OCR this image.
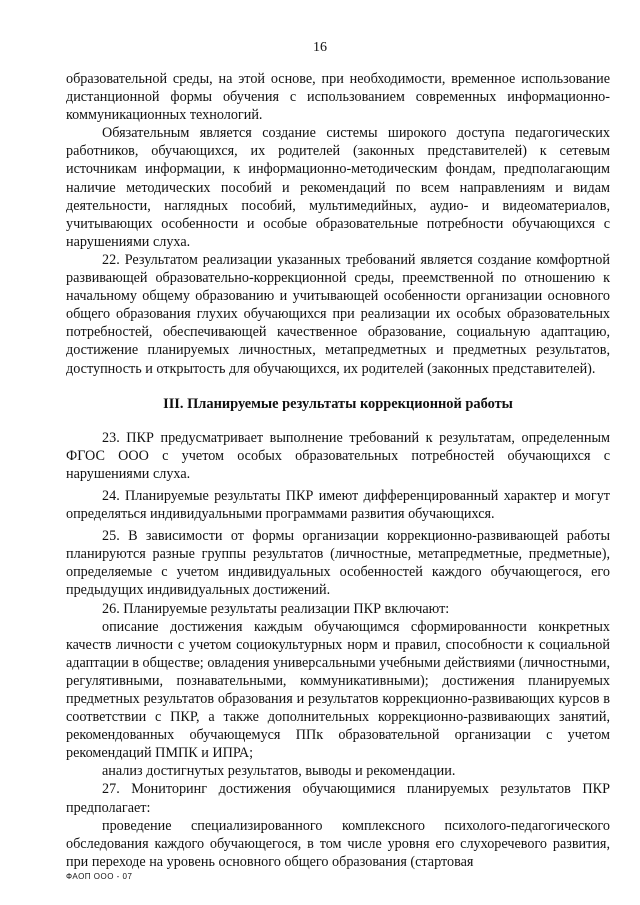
16

образовательной среды, на этой основе, при необходимости, временное использование дистанционной формы обучения с использованием современных информационно-коммуникационных технологий.

Обязательным является создание системы широкого доступа педагогических работников, обучающихся, их родителей (законных представителей) к сетевым источникам информации, к информационно-методическим фондам, предполагающим наличие методических пособий и рекомендаций по всем направлениям и видам деятельности, наглядных пособий, мультимедийных, аудио- и видеоматериалов, учитывающих особенности и особые образовательные потребности обучающихся с нарушениями слуха.

22. Результатом реализации указанных требований является создание комфортной развивающей образовательно-коррекционной среды, преемственной по отношению к начальному общему образованию и учитывающей особенности организации основного общего образования глухих обучающихся при реализации их особых образовательных потребностей, обеспечивающей качественное образование, социальную адаптацию, достижение планируемых личностных, метапредметных и предметных результатов, доступность и открытость для обучающихся, их родителей (законных представителей).

III. Планируемые результаты коррекционной работы

23. ПКР предусматривает выполнение требований к результатам, определенным ФГОС ООО с учетом особых образовательных потребностей обучающихся с нарушениями слуха.

24. Планируемые результаты ПКР имеют дифференцированный характер и могут определяться индивидуальными программами развития обучающихся.

25. В зависимости от формы организации коррекционно-развивающей работы планируются разные группы результатов (личностные, метапредметные, предметные), определяемые с учетом индивидуальных особенностей каждого обучающегося, его предыдущих индивидуальных достижений.

26. Планируемые результаты реализации ПКР включают:

описание достижения каждым обучающимся сформированности конкретных качеств личности с учетом социокультурных норм и правил, способности к социальной адаптации в обществе; овладения универсальными учебными действиями (личностными, регулятивными, познавательными, коммуникативными); достижения планируемых предметных результатов образования и результатов коррекционно-развивающих курсов в соответствии с ПКР, а также дополнительных коррекционно-развивающих занятий, рекомендованных обучающемуся ППк образовательной организации с учетом рекомендаций ПМПК и ИПРА;

анализ достигнутых результатов, выводы и рекомендации.

27. Мониторинг достижения обучающимися планируемых результатов ПКР предполагает:

проведение специализированного комплексного психолого-педагогического обследования каждого обучающегося, в том числе уровня его слухоречевого развития, при переходе на уровень основного общего образования (стартовая

ФАОП ООО - 07
